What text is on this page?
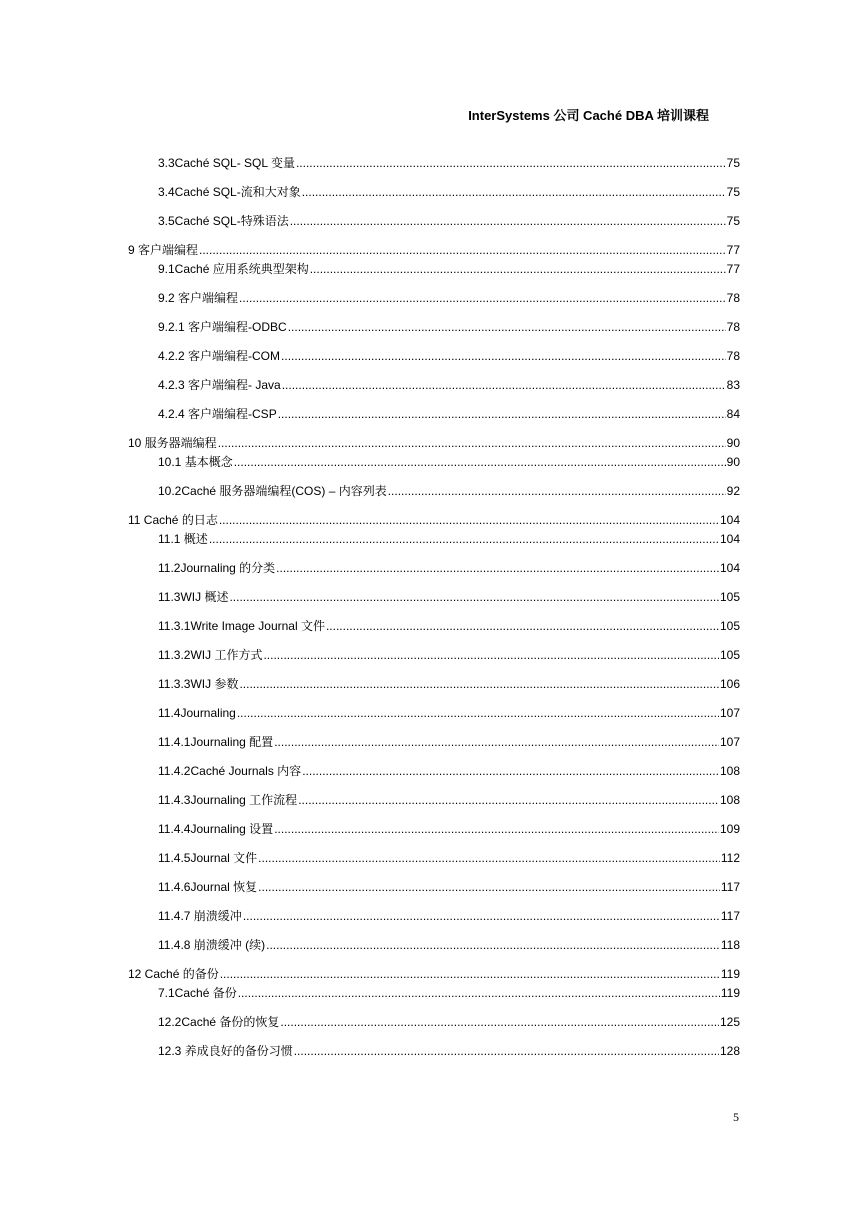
InterSystems 公司 Caché DBA 培训课程
3.3Caché SQL- SQL 变量 .....	75
3.4Caché SQL-流和大对象 .....	75
3.5Caché SQL-特殊语法 .....	75
9 客户端编程 .....	77
9.1Caché 应用系统典型架构 .....	77
9.2 客户端编程 .....	78
9.2.1 客户端编程-ODBC .....	78
4.2.2 客户端编程-COM .....	78
4.2.3 客户端编程- Java .....	83
4.2.4 客户端编程-CSP .....	84
10 服务器端编程 .....	90
10.1 基本概念 .....	90
10.2Caché 服务器端编程(COS) – 内容列表 .....	92
11 Caché 的日志 .....	104
11.1 概述 .....	104
11.2Journaling 的分类 .....	104
11.3WIJ 概述 .....	105
11.3.1Write Image Journal 文件 .....	105
11.3.2WIJ 工作方式 .....	105
11.3.3WIJ 参数 .....	106
11.4Journaling .....	107
11.4.1Journaling 配置 .....	107
11.4.2Caché Journals 内容 .....	108
11.4.3Journaling 工作流程 .....	108
11.4.4Journaling 设置 .....	109
11.4.5Journal 文件 .....	112
11.4.6Journal 恢复 .....	117
11.4.7 崩溃缓冲 .....	117
11.4.8 崩溃缓冲 (续) .....	118
12 Caché 的备份 .....	119
7.1Caché 备份 .....	119
12.2Caché 备份的恢复 .....	125
12.3 养成良好的备份习惯 .....	128
5
